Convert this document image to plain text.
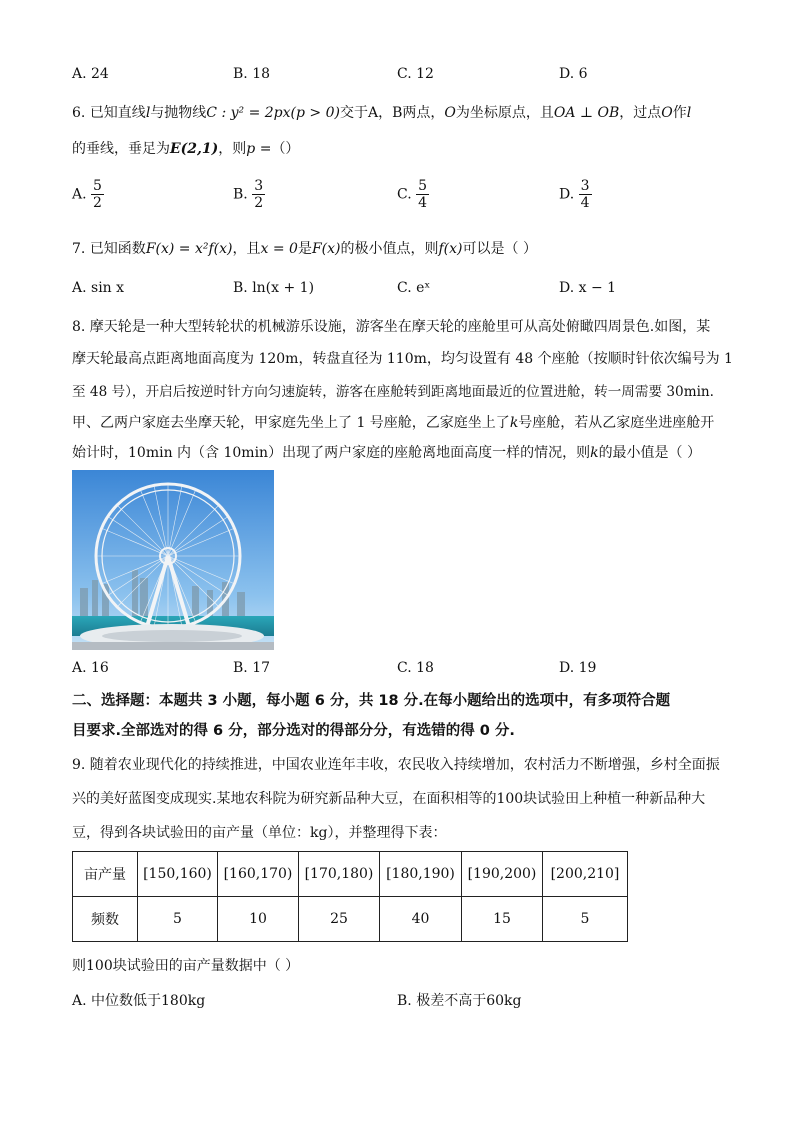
A. 24	B. 18	C. 12	D. 6
6. 已知直线l与抛物线C : y² = 2px(p > 0)交于A，B两点，O为坐标原点，且OA ⊥ OB，过点O作l
的垂线，垂足为E(2,1)，则p =（）
A. $\frac{5}{2}$	B. $\frac{3}{2}$	C. $\frac{5}{4}$	D. $\frac{3}{4}$
7. 已知函数F(x) = x²f(x)，且x = 0是F(x)的极小值点，则f(x)可以是（ ）
A. sin x	B. ln(x + 1)	C. eˣ	D. x − 1
8. 摩天轮是一种大型转轮状的机械游乐设施，游客坐在摩天轮的座舱里可从高处俯瞰四周景色.如图，某
摩天轮最高点距离地面高度为 120m，转盘直径为 110m，均匀设置有 48 个座舱（按顺时针依次编号为 1
至 48 号），开启后按逆时针方向匀速旋转，游客在座舱转到距离地面最近的位置进舱，转一周需要 30min.
甲、乙两户家庭去坐摩天轮，甲家庭先坐上了 1 号座舱，乙家庭坐上了k号座舱，若从乙家庭坐进座舱开
始计时，10min 内（含 10min）出现了两户家庭的座舱离地面高度一样的情况，则k的最小值是（ ）
A. 16	B. 17	C. 18	D. 19
二、选择题：本题共 3 小题，每小题 6 分，共 18 分.在每小题给出的选项中，有多项符合题
目要求.全部选对的得 6 分，部分选对的得部分分，有选错的得 0 分.
9. 随着农业现代化的持续推进，中国农业连年丰收，农民收入持续增加，农村活力不断增强，乡村全面振
兴的美好蓝图变成现实.某地农科院为研究新品种大豆，在面积相等的100块试验田上种植一种新品种大
豆，得到各块试验田的亩产量（单位：kg），并整理得下表：
亩产量	[150,160)	[160,170)	[170,180)	[180,190)	[190,200)	[200,210]
频数	5	10	25	40	15	5
则100块试验田的亩产量数据中（ ）
A. 中位数低于180kg	B. 极差不高于60kg
